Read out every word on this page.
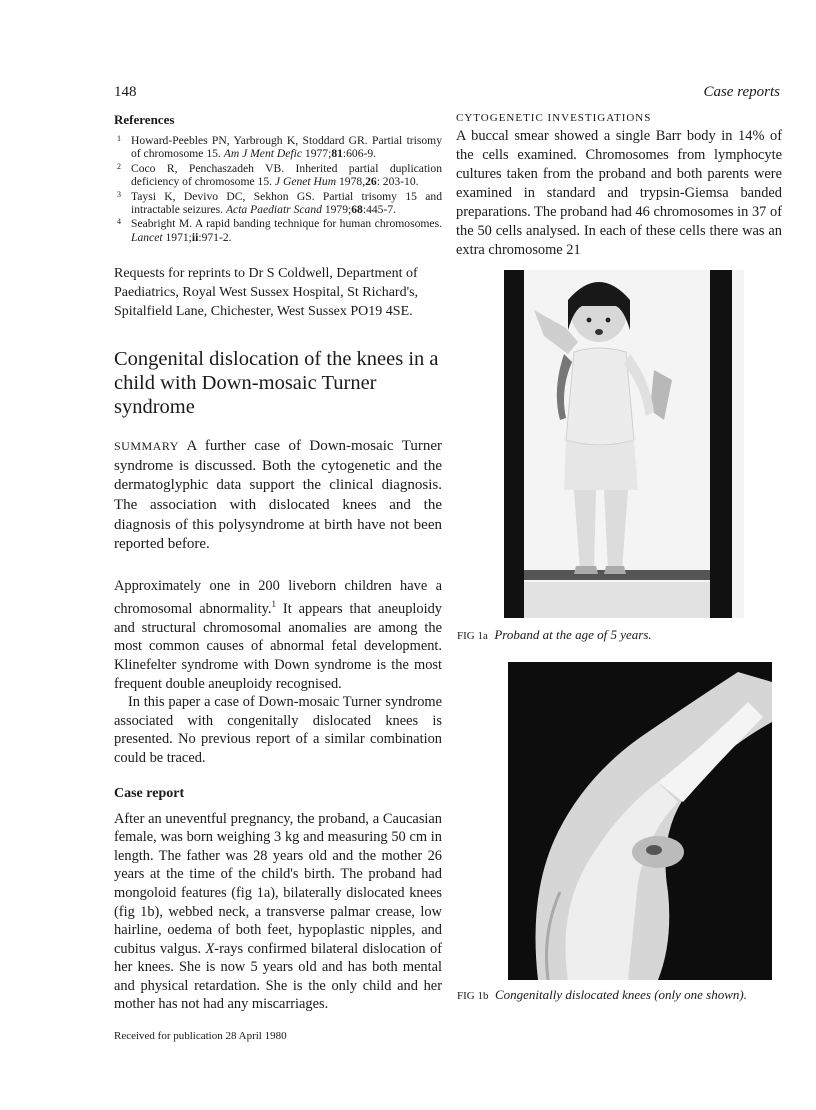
148	Case reports
References
1 Howard-Peebles PN, Yarbrough K, Stoddard GR. Partial trisomy of chromosome 15. Am J Ment Defic 1977;81:606-9.
2 Coco R, Penchaszadeh VB. Inherited partial duplication deficiency of chromosome 15. J Genet Hum 1978,26: 203-10.
3 Taysi K, Devivo DC, Sekhon GS. Partial trisomy 15 and intractable seizures. Acta Paediatr Scand 1979;68:445-7.
4 Seabright M. A rapid banding technique for human chromosomes. Lancet 1971;ii:971-2.

Requests for reprints to Dr S Coldwell, Department of Paediatrics, Royal West Sussex Hospital, St Richard's, Spitalfield Lane, Chichester, West Sussex PO19 4SE.

Congenital dislocation of the knees in a child with Down-mosaic Turner syndrome

SUMMARY A further case of Down-mosaic Turner syndrome is discussed. Both the cytogenetic and the dermatoglyphic data support the clinical diagnosis. The association with dislocated knees and the diagnosis of this polysyndrome at birth have not been reported before.

Approximately one in 200 liveborn children have a chromosomal abnormality.$^1$ It appears that aneuploidy and structural chromosomal anomalies are among the most common causes of abnormal fetal development. Klinefelter syndrome with Down syndrome is the most frequent double aneuploidy recognised.

In this paper a case of Down-mosaic Turner syndrome associated with congenitally dislocated knees is presented. No previous report of a similar combination could be traced.

Case report

After an uneventful pregnancy, the proband, a Caucasian female, was born weighing 3 kg and measuring 50 cm in length. The father was 28 years old and the mother 26 years at the time of the child's birth. The proband had mongoloid features (fig 1a), bilaterally dislocated knees (fig 1b), webbed neck, a transverse palmar crease, low hairline, oedema of both feet, hypoplastic nipples, and cubitus valgus. X-rays confirmed bilateral dislocation of her knees. She is now 5 years old and has both mental and physical retardation. She is the only child and her mother has not had any miscarriages.

Received for publication 28 April 1980
CYTOGENETIC INVESTIGATIONS

A buccal smear showed a single Barr body in 14% of the cells examined. Chromosomes from lymphocyte cultures taken from the proband and both parents were examined in standard and trypsin-Giemsa banded preparations. The proband had 46 chromosomes in 37 of the 50 cells analysed. In each of these cells there was an extra chromosome 21

FIG 1a Proband at the age of 5 years.
FIG 1b Congenitally dislocated knees (only one shown).
